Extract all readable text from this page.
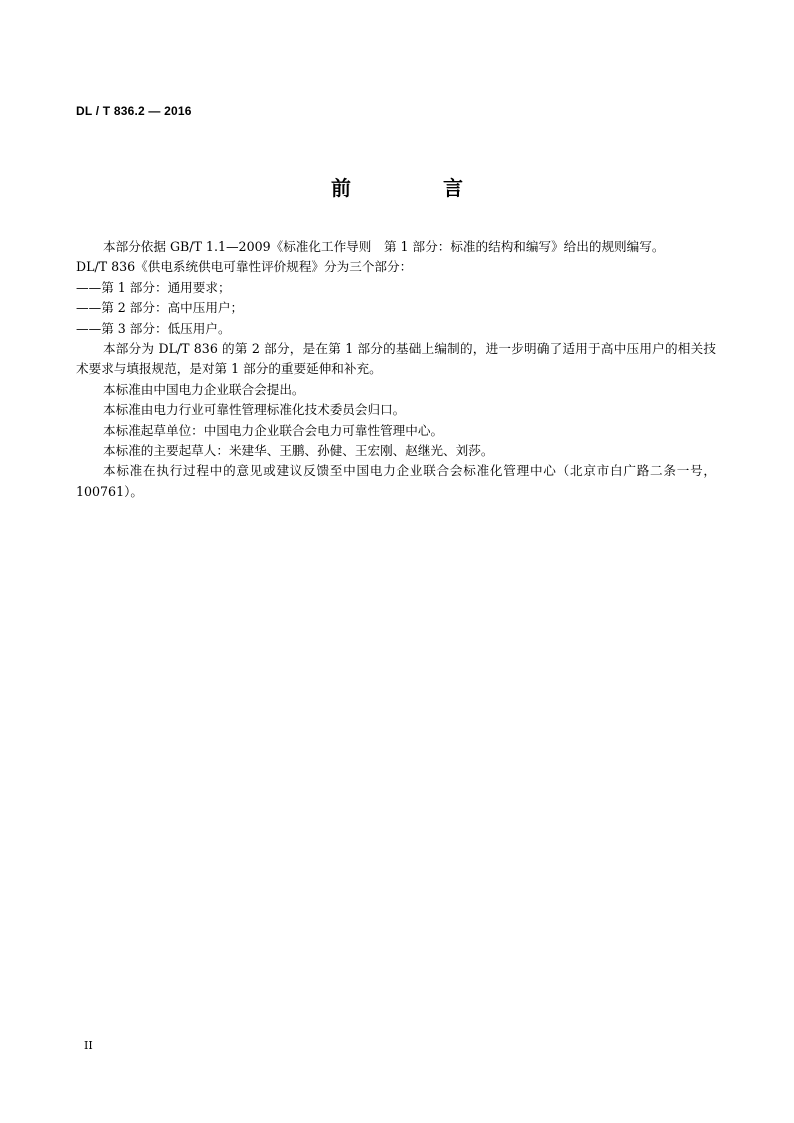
DL / T 836.2 — 2016
前　言

本部分依据 GB/T 1.1—2009《标准化工作导则　第 1 部分：标准的结构和编写》给出的规则编写。

DL/T 836《供电系统供电可靠性评价规程》分为三个部分：

——第 1 部分：通用要求；

——第 2 部分：高中压用户；

——第 3 部分：低压用户。

本部分为 DL/T 836 的第 2 部分，是在第 1 部分的基础上编制的，进一步明确了适用于高中压用户的相关技术要求与填报规范，是对第 1 部分的重要延伸和补充。

本标准由中国电力企业联合会提出。

本标准由电力行业可靠性管理标准化技术委员会归口。

本标准起草单位：中国电力企业联合会电力可靠性管理中心。

本标准的主要起草人：米建华、王鹏、孙健、王宏刚、赵继光、刘莎。

本标准在执行过程中的意见或建议反馈至中国电力企业联合会标准化管理中心（北京市白广路二条一号，100761）。

II
